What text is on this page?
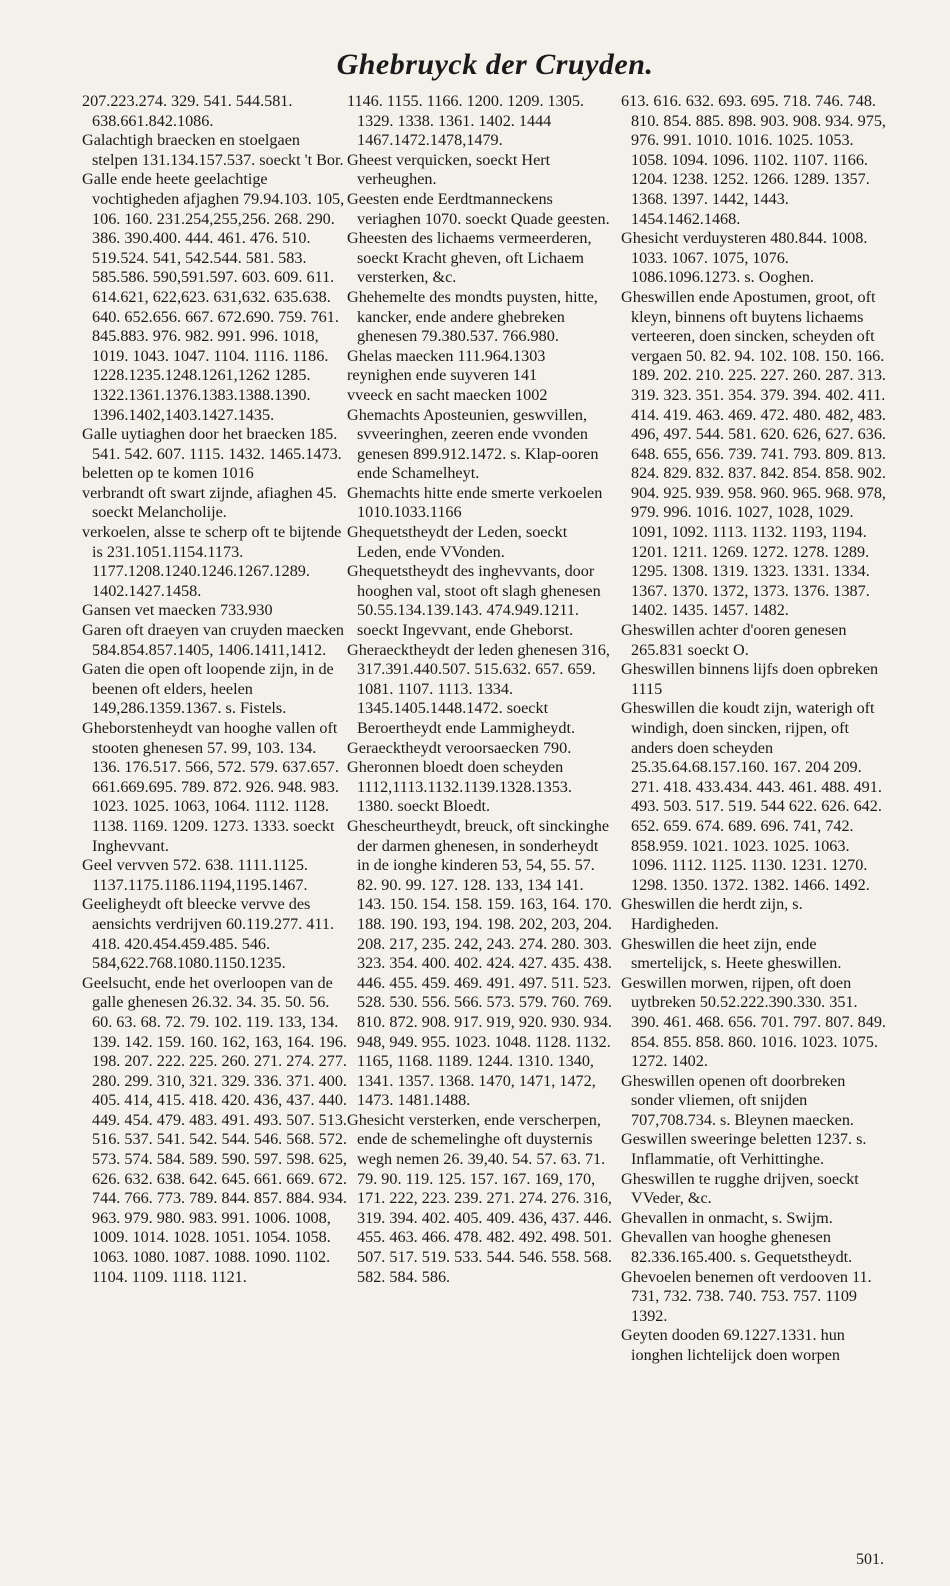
Ghebruyck der Cruyden.

207.223.274. 329. 541. 544.581. 638.661.842.1086.

Galachtigh braecken en stoelgaen stelpen 131.134.157.537. soeckt 't Bor.

Galle ende heete geelachtige vochtigheden afjaghen 79.94.103. 105, 106. 160. 231.254,255,256. 268. 290. 386. 390.400. 444. 461. 476. 510. 519.524. 541, 542.544. 581. 583. 585.586. 590,591.597. 603. 609. 611. 614.621, 622,623. 631,632. 635.638. 640. 652.656. 667. 672.690. 759. 761. 845.883. 976. 982. 991. 996. 1018, 1019. 1043. 1047. 1104. 1116. 1186. 1228.1235.1248.1261,1262 1285. 1322.1361.1376.1383.1388.1390. 1396.1402,1403.1427.1435.

Galle uytiaghen door het braecken 185. 541. 542. 607. 1115. 1432. 1465.1473.

beletten op te komen 1016

verbrandt oft swart zijnde, afiaghen 45. soeckt Melancholije.

verkoelen, alsse te scherp oft te bijtende is 231.1051.1154.1173. 1177.1208.1240.1246.1267.1289. 1402.1427.1458.

Gansen vet maecken 733.930

Garen oft draeyen van cruyden maecken 584.854.857.1405, 1406.1411,1412.

Gaten die open oft loopende zijn, in de beenen oft elders, heelen 149,286.1359.1367. s. Fistels.

Gheborstenheydt van hooghe vallen oft stooten ghenesen 57. 99, 103. 134. 136. 176.517. 566, 572. 579. 637.657. 661.669.695. 789. 872. 926. 948. 983. 1023. 1025. 1063, 1064. 1112. 1128. 1138. 1169. 1209. 1273. 1333. soeckt Inghevvant.

Geel vervven 572. 638. 1111.1125. 1137.1175.1186.1194,1195.1467.

Geeligheydt oft bleecke vervve des aensichts verdrijven 60.119.277. 411. 418. 420.454.459.485. 546. 584,622.768.1080.1150.1235.

Geelsucht, ende het overloopen van de galle ghenesen 26.32. 34. 35. 50. 56. 60. 63. 68. 72. 79. 102. 119. 133, 134. 139. 142. 159. 160. 162, 163, 164. 196. 198. 207. 222. 225. 260. 271. 274. 277. 280. 299. 310, 321. 329. 336. 371. 400. 405. 414, 415. 418. 420. 436, 437. 440. 449. 454. 479. 483. 491. 493. 507. 513. 516. 537. 541. 542. 544. 546. 568. 572. 573. 574. 584. 589. 590. 597. 598. 625, 626. 632. 638. 642. 645. 661. 669. 672. 744. 766. 773. 789. 844. 857. 884. 934. 963. 979. 980. 983. 991. 1006. 1008, 1009. 1014. 1028. 1051. 1054. 1058. 1063. 1080. 1087. 1088. 1090. 1102. 1104. 1109. 1118. 1121.

1146. 1155. 1166. 1200. 1209. 1305. 1329. 1338. 1361. 1402. 1444 1467.1472.1478,1479.

Gheest verquicken, soeckt Hert verheughen.

Geesten ende Eerdtmanneckens veriaghen 1070. soeckt Quade geesten.

Gheesten des lichaems vermeerderen, soeckt Kracht gheven, oft Lichaem versterken, &c.

Ghehemelte des mondts puysten, hitte, kancker, ende andere ghebreken ghenesen 79.380.537. 766.980.

Ghelas maecken 111.964.1303

reynighen ende suyveren 141

vveeck en sacht maecken 1002

Ghemachts Aposteunien, geswvillen, svveeringhen, zeeren ende vvonden genesen 899.912.1472. s. Klap-ooren ende Schamelheyt.

Ghemachts hitte ende smerte verkoelen 1010.1033.1166

Ghequetstheydt der Leden, soeckt Leden, ende VVonden.

Ghequetstheydt des inghevvants, door hooghen val, stoot oft slagh ghenesen 50.55.134.139.143. 474.949.1211. soeckt Ingevvant, ende Gheborst.

Gheraecktheydt der leden ghenesen 316, 317.391.440.507. 515.632. 657. 659. 1081. 1107. 1113. 1334. 1345.1405.1448.1472. soeckt Beroertheydt ende Lammigheydt.

Geraecktheydt veroorsaecken 790.

Gheronnen bloedt doen scheyden 1112,1113.1132.1139.1328.1353. 1380. soeckt Bloedt.

Ghescheurtheydt, breuck, oft sinckinghe der darmen ghenesen, in sonderheydt in de ionghe kinderen 53, 54, 55. 57. 82. 90. 99. 127. 128. 133, 134 141. 143. 150. 154. 158. 159. 163, 164. 170. 188. 190. 193, 194. 198. 202, 203, 204. 208. 217, 235. 242, 243. 274. 280. 303. 323. 354. 400. 402. 424. 427. 435. 438. 446. 455. 459. 469. 491. 497. 511. 523. 528. 530. 556. 566. 573. 579. 760. 769. 810. 872. 908. 917. 919, 920. 930. 934. 948, 949. 955. 1023. 1048. 1128. 1132. 1165, 1168. 1189. 1244. 1310. 1340, 1341. 1357. 1368. 1470, 1471, 1472, 1473. 1481.1488.

Ghesicht versterken, ende verscherpen, ende de schemelinghe oft duysternis wegh nemen 26. 39,40. 54. 57. 63. 71. 79. 90. 119. 125. 157. 167. 169, 170, 171. 222, 223. 239. 271. 274. 276. 316, 319. 394. 402. 405. 409. 436, 437. 446. 455. 463. 466. 478. 482. 492. 498. 501. 507. 517. 519. 533. 544. 546. 558. 568. 582. 584. 586.

613. 616. 632. 693. 695. 718. 746. 748. 810. 854. 885. 898. 903. 908. 934. 975, 976. 991. 1010. 1016. 1025. 1053. 1058. 1094. 1096. 1102. 1107. 1166. 1204. 1238. 1252. 1266. 1289. 1357. 1368. 1397. 1442, 1443. 1454.1462.1468.

Ghesicht verduysteren 480.844. 1008. 1033. 1067. 1075, 1076. 1086.1096.1273. s. Ooghen.

Gheswillen ende Apostumen, groot, oft kleyn, binnens oft buytens lichaems verteeren, doen sincken, scheyden oft vergaen 50. 82. 94. 102. 108. 150. 166. 189. 202. 210. 225. 227. 260. 287. 313. 319. 323. 351. 354. 379. 394. 402. 411. 414. 419. 463. 469. 472. 480. 482, 483. 496, 497. 544. 581. 620. 626, 627. 636. 648. 655, 656. 739. 741. 793. 809. 813. 824. 829. 832. 837. 842. 854. 858. 902. 904. 925. 939. 958. 960. 965. 968. 978, 979. 996. 1016. 1027, 1028, 1029. 1091, 1092. 1113. 1132. 1193, 1194. 1201. 1211. 1269. 1272. 1278. 1289. 1295. 1308. 1319. 1323. 1331. 1334. 1367. 1370. 1372, 1373. 1376. 1387. 1402. 1435. 1457. 1482.

Gheswillen achter d'ooren genesen 265.831 soeckt O.

Gheswillen binnens lijfs doen opbreken 1115

Gheswillen die koudt zijn, waterigh oft windigh, doen sincken, rijpen, oft anders doen scheyden 25.35.64.68.157.160. 167. 204 209. 271. 418. 433.434. 443. 461. 488. 491. 493. 503. 517. 519. 544 622. 626. 642. 652. 659. 674. 689. 696. 741, 742. 858.959. 1021. 1023. 1025. 1063. 1096. 1112. 1125. 1130. 1231. 1270. 1298. 1350. 1372. 1382. 1466. 1492.

Gheswillen die herdt zijn, s. Hardigheden.

Gheswillen die heet zijn, ende smertelijck, s. Heete gheswillen.

Geswillen morwen, rijpen, oft doen uytbreken 50.52.222.390.330. 351. 390. 461. 468. 656. 701. 797. 807. 849. 854. 855. 858. 860. 1016. 1023. 1075. 1272. 1402.

Gheswillen openen oft doorbreken sonder vliemen, oft snijden 707,708.734. s. Bleynen maecken.

Geswillen sweeringe beletten 1237. s. Inflammatie, oft Verhittinghe.

Gheswillen te rugghe drijven, soeckt VVeder, &c.

Ghevallen in onmacht, s. Swijm.

Ghevallen van hooghe ghenesen 82.336.165.400. s. Gequetstheydt.

Ghevoelen benemen oft verdooven 11. 731, 732. 738. 740. 753. 757. 1109 1392.

Geyten dooden 69.1227.1331. hun ionghen lichtelijck doen worpen

501.
